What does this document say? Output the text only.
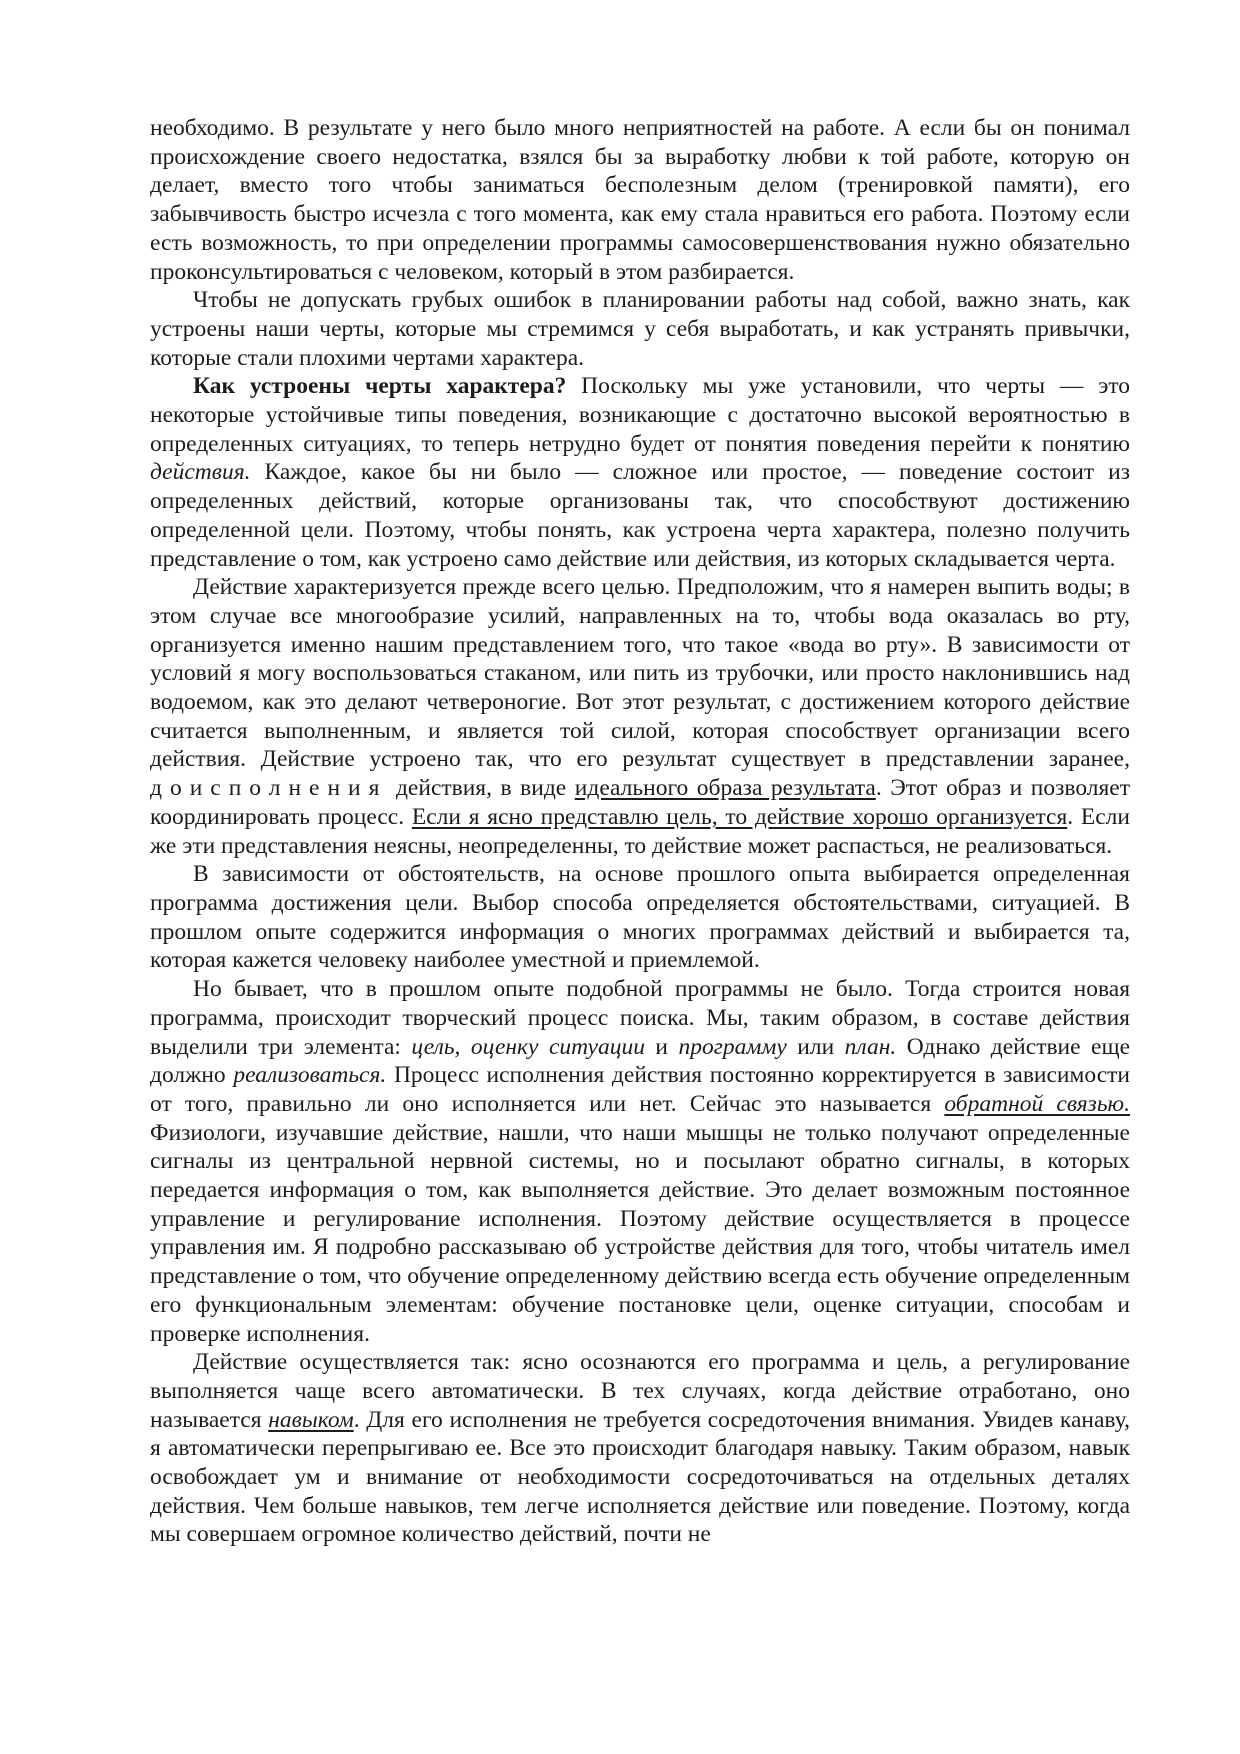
необходимо. В результате у него было много неприятностей на работе. А если бы он понимал происхождение своего недостатка, взялся бы за выработку любви к той работе, которую он делает, вместо того чтобы заниматься бесполезным делом (тренировкой памяти), его забывчивость быстро исчезла с того момента, как ему стала нравиться его работа. Поэтому если есть возможность, то при определении программы самосовершенствования нужно обязательно проконсультироваться с человеком, который в этом разбирается.

Чтобы не допускать грубых ошибок в планировании работы над собой, важно знать, как устроены наши черты, которые мы стремимся у себя выработать, и как устранять привычки, которые стали плохими чертами характера.

Как устроены черты характера? Поскольку мы уже установили, что черты — это некоторые устойчивые типы поведения, возникающие с достаточно высокой вероятностью в определенных ситуациях, то теперь нетрудно будет от понятия поведения перейти к понятию действия. Каждое, какое бы ни было — сложное или простое, — поведение состоит из определенных действий, которые организованы так, что способствуют достижению определенной цели. Поэтому, чтобы понять, как устроена черта характера, полезно получить представление о том, как устроено само действие или действия, из которых складывается черта.

Действие характеризуется прежде всего целью. Предположим, что я намерен выпить воды; в этом случае все многообразие усилий, направленных на то, чтобы вода оказалась во рту, организуется именно нашим представлением того, что такое «вода во рту». В зависимости от условий я могу воспользоваться стаканом, или пить из трубочки, или просто наклонившись над водоемом, как это делают четвероногие. Вот этот результат, с достижением которого действие считается выполненным, и является той силой, которая способствует организации всего действия. Действие устроено так, что его результат существует в представлении заранее, доисполнения действия, в виде идеального образа результата. Этот образ и позволяет координировать процесс. Если я ясно представлю цель, то действие хорошо организуется. Если же эти представления неясны, неопределенны, то действие может распасться, не реализоваться.

В зависимости от обстоятельств, на основе прошлого опыта выбирается определенная программа достижения цели. Выбор способа определяется обстоятельствами, ситуацией. В прошлом опыте содержится информация о многих программах действий и выбирается та, которая кажется человеку наиболее уместной и приемлемой.

Но бывает, что в прошлом опыте подобной программы не было. Тогда строится новая программа, происходит творческий процесс поиска. Мы, таким образом, в составе действия выделили три элемента: цель, оценку ситуации и программу или план. Однако действие еще должно реализоваться. Процесс исполнения действия постоянно корректируется в зависимости от того, правильно ли оно исполняется или нет. Сейчас это называется обратной связью. Физиологи, изучавшие действие, нашли, что наши мышцы не только получают определенные сигналы из центральной нервной системы, но и посылают обратно сигналы, в которых передается информация о том, как выполняется действие. Это делает возможным постоянное управление и регулирование исполнения. Поэтому действие осуществляется в процессе управления им. Я подробно рассказываю об устройстве действия для того, чтобы читатель имел представление о том, что обучение определенному действию всегда есть обучение определенным его функциональным элементам: обучение постановке цели, оценке ситуации, способам и проверке исполнения.

Действие осуществляется так: ясно осознаются его программа и цель, а регулирование выполняется чаще всего автоматически. В тех случаях, когда действие отработано, оно называется навыком. Для его исполнения не требуется сосредоточения внимания. Увидев канаву, я автоматически перепрыгиваю ее. Все это происходит благодаря навыку. Таким образом, навык освобождает ум и внимание от необходимости сосредоточиваться на отдельных деталях действия. Чем больше навыков, тем легче исполняется действие или поведение. Поэтому, когда мы совершаем огромное количество действий, почти не
